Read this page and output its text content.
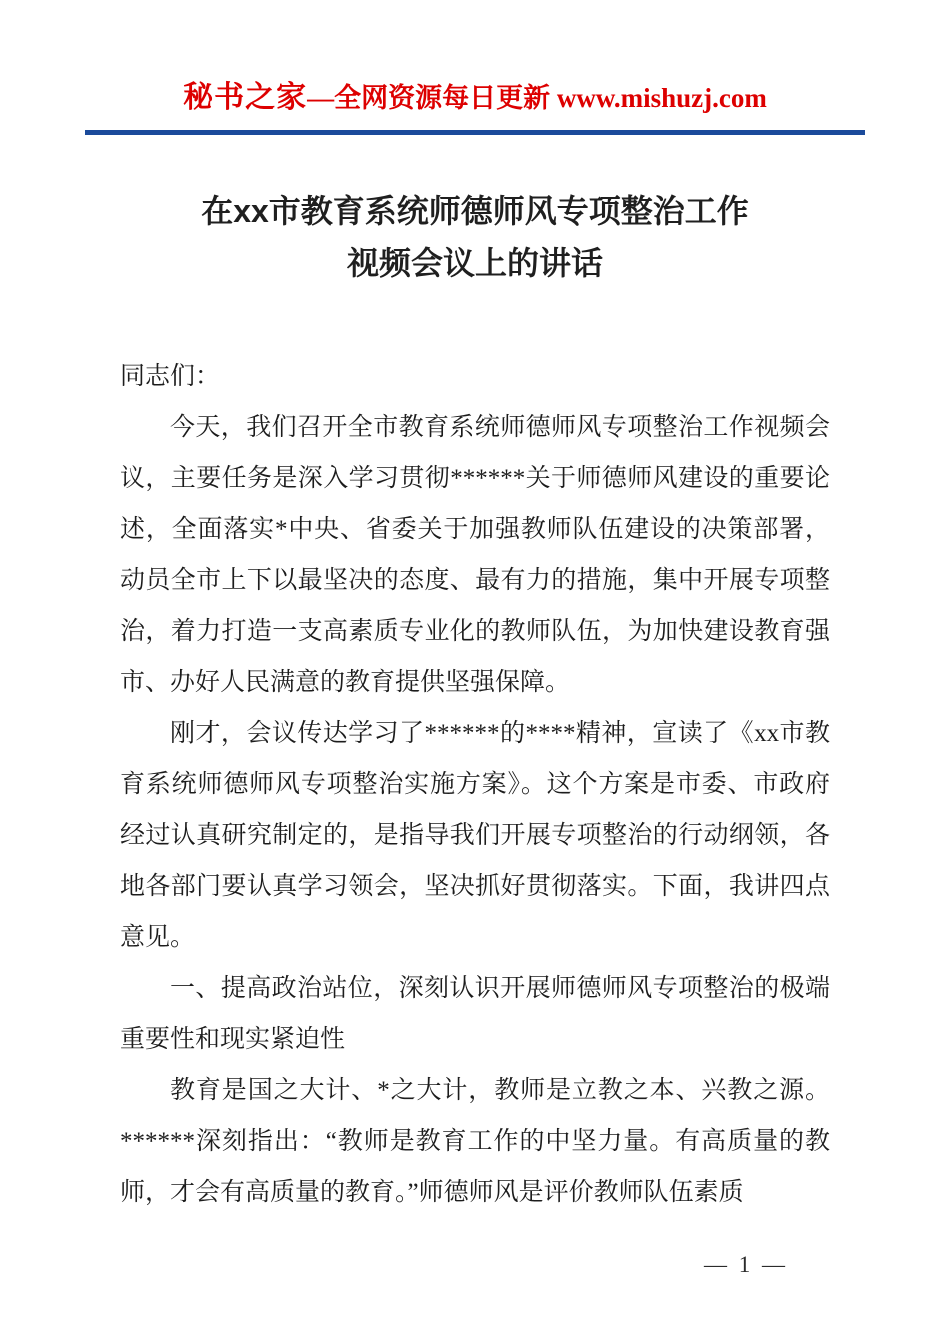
秘书之家—全网资源每日更新 www.mishuzj.com
在xx市教育系统师德师风专项整治工作
视频会议上的讲话

同志们：

今天，我们召开全市教育系统师德师风专项整治工作视频会议，主要任务是深入学习贯彻******关于师德师风建设的重要论述，全面落实*中央、省委关于加强教师队伍建设的决策部署，动员全市上下以最坚决的态度、最有力的措施，集中开展专项整治，着力打造一支高素质专业化的教师队伍，为加快建设教育强市、办好人民满意的教育提供坚强保障。

刚才，会议传达学习了******的****精神，宣读了《xx市教育系统师德师风专项整治实施方案》。这个方案是市委、市政府经过认真研究制定的，是指导我们开展专项整治的行动纲领，各地各部门要认真学习领会，坚决抓好贯彻落实。下面，我讲四点意见。

一、提高政治站位，深刻认识开展师德师风专项整治的极端重要性和现实紧迫性

教育是国之大计、*之大计，教师是立教之本、兴教之源。******深刻指出：“教师是教育工作的中坚力量。有高质量的教师，才会有高质量的教育。”师德师风是评价教师队伍素质

— 1 —
